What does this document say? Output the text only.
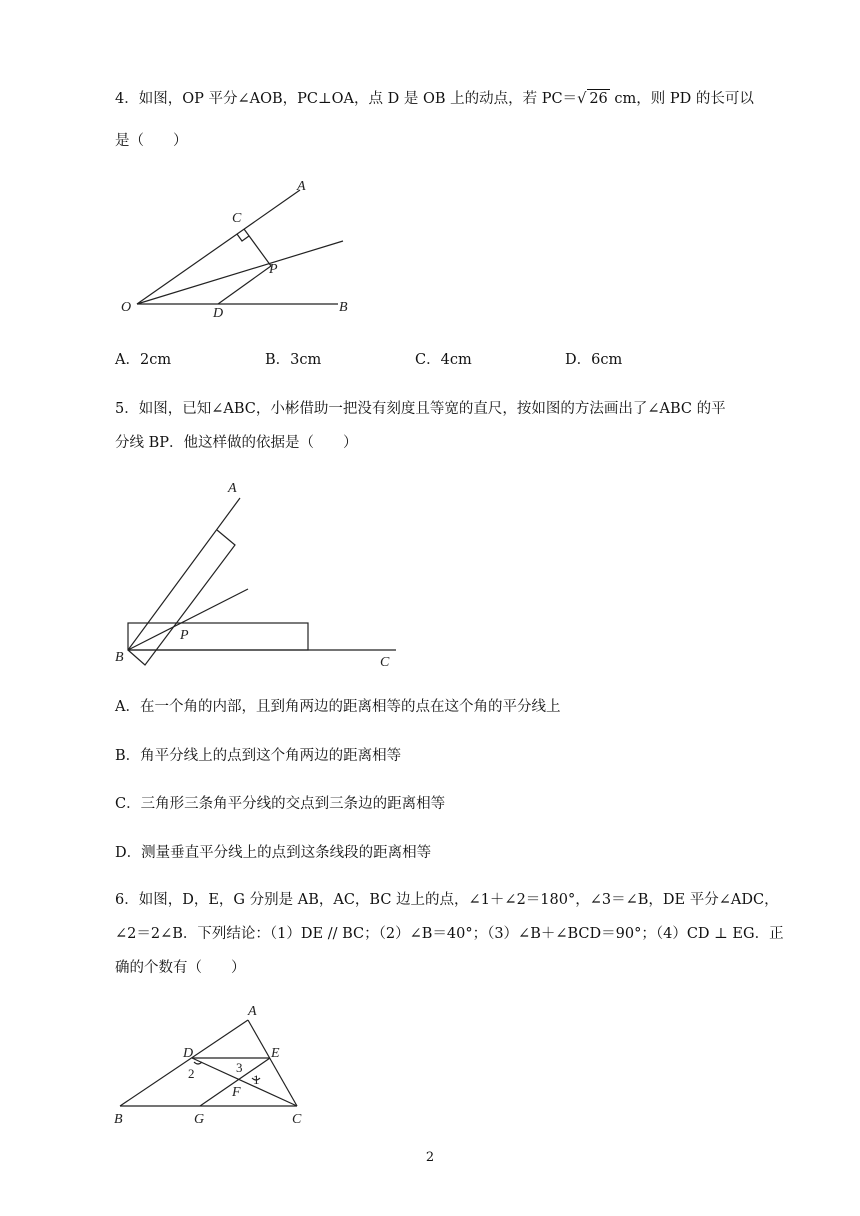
4．如图，OP 平分∠AOB，PC⊥OA，点 D 是 OB 上的动点，若 PC＝√ 26 cm，则 PD 的长可以
是（　　）
A
C
P
O	D	B
A．2cm	B．3cm	C．4cm	D．6cm
5．如图，已知∠ABC，小彬借助一把没有刻度且等宽的直尺，按如图的方法画出了∠ABC 的平
分线 BP．他这样做的依据是（　　）
A
P
B	C
A．在一个角的内部，且到角两边的距离相等的点在这个角的平分线上
B．角平分线上的点到这个角两边的距离相等
C．三角形三条角平分线的交点到三条边的距离相等
D．测量垂直平分线上的点到这条线段的距离相等
6．如图，D，E，G 分别是 AB，AC，BC 边上的点，∠1＋∠2＝180°，∠3＝∠B，DE 平分∠ADC，
∠2＝2∠B．下列结论：（1）DE // BC；（2）∠B＝40°；（3）∠B＋∠BCD＝90°；（4）CD ⊥ EG．正
确的个数有（　　）
A
D	E
2	3
1
F
B	G	C
2
